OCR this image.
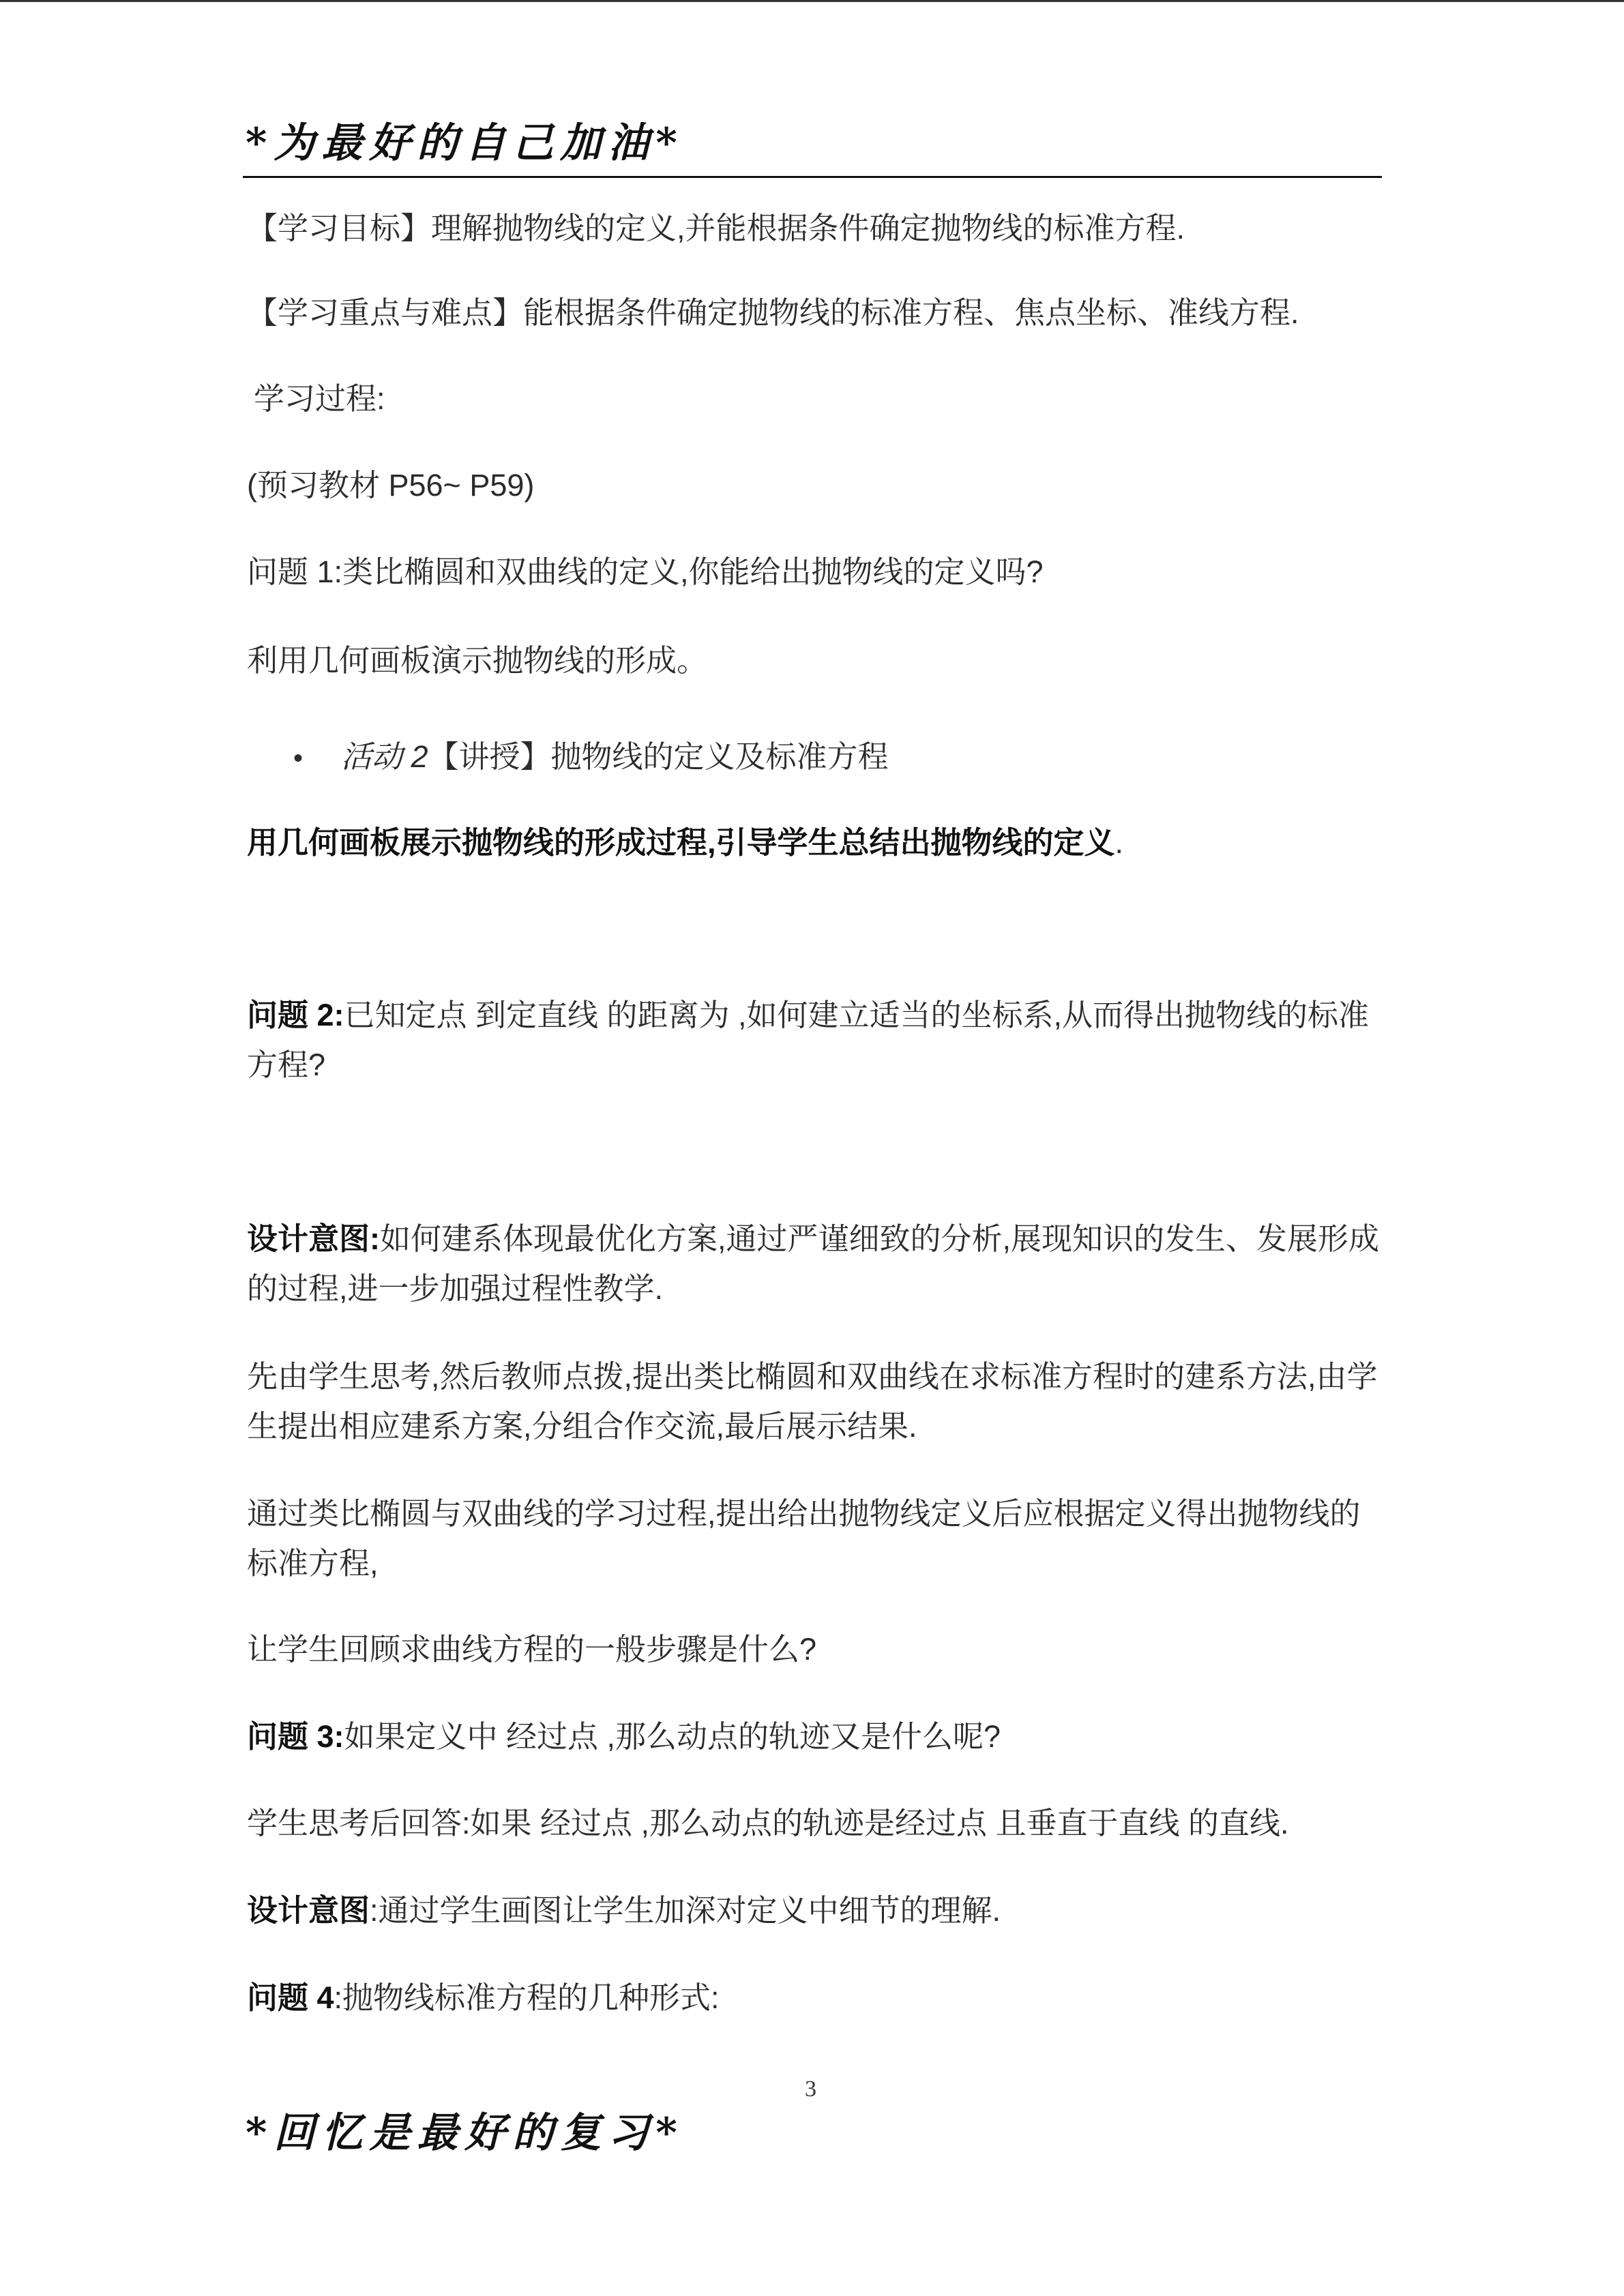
*为最好的自己加油*
【学习目标】理解抛物线的定义,并能根据条件确定抛物线的标准方程.
【学习重点与难点】能根据条件确定抛物线的标准方程、焦点坐标、准线方程.
学习过程:
(预习教材 P56~ P59)
问题 1:类比椭圆和双曲线的定义,你能给出抛物线的定义吗?
利用几何画板演示抛物线的形成。
• 活动 2【讲授】抛物线的定义及标准方程
用几何画板展示抛物线的形成过程,引导学生总结出抛物线的定义.
问题 2:已知定点 到定直线 的距离为 ,如何建立适当的坐标系,从而得出抛物线的标准方程?
设计意图:如何建系体现最优化方案,通过严谨细致的分析,展现知识的发生、发展形成的过程,进一步加强过程性教学.
先由学生思考,然后教师点拨,提出类比椭圆和双曲线在求标准方程时的建系方法,由学生提出相应建系方案,分组合作交流,最后展示结果.
通过类比椭圆与双曲线的学习过程,提出给出抛物线定义后应根据定义得出抛物线的标准方程,
让学生回顾求曲线方程的一般步骤是什么?
问题 3:如果定义中 经过点 ,那么动点的轨迹又是什么呢?
学生思考后回答:如果 经过点 ,那么动点的轨迹是经过点 且垂直于直线 的直线.
设计意图:通过学生画图让学生加深对定义中细节的理解.
问题 4:抛物线标准方程的几种形式:
3
*回忆是最好的复习*
